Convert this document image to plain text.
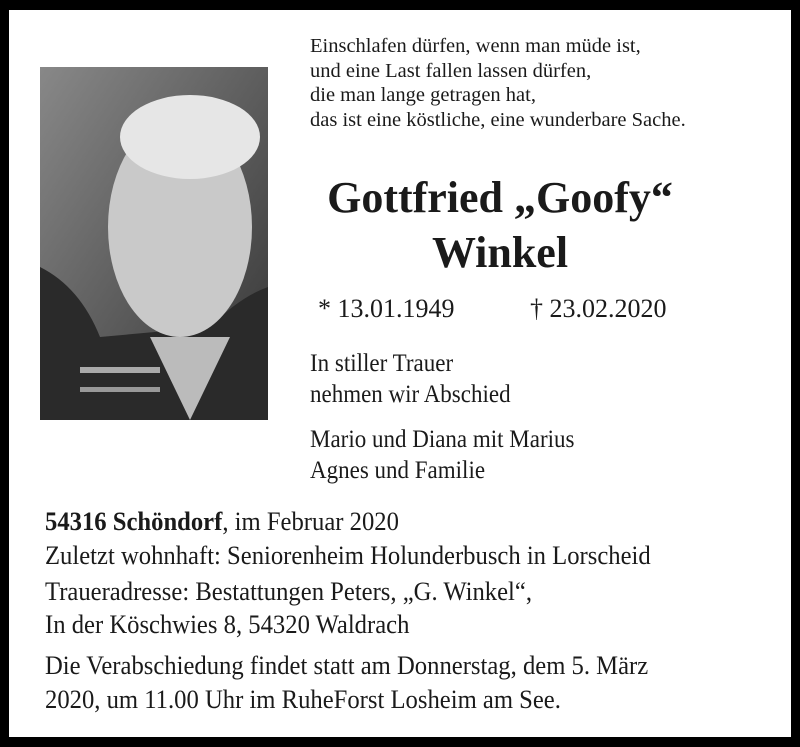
Einschlafen dürfen, wenn man müde ist,
und eine Last fallen lassen dürfen,
die man lange getragen hat,
das ist eine köstliche, eine wunderbare Sache.
Gottfried „Goofy“
Winkel
* 13.01.1949	† 23.02.2020
In stiller Trauer
nehmen wir Abschied
Mario und Diana mit Marius
Agnes und Familie
54316 Schöndorf, im Februar 2020
Zuletzt wohnhaft: Seniorenheim Holunderbusch in Lorscheid
Traueradresse: Bestattungen Peters, „G. Winkel“,
In der Köschwies 8, 54320 Waldrach
Die Verabschiedung findet statt am Donnerstag, dem 5. März
2020, um 11.00 Uhr im RuheForst Losheim am See.
